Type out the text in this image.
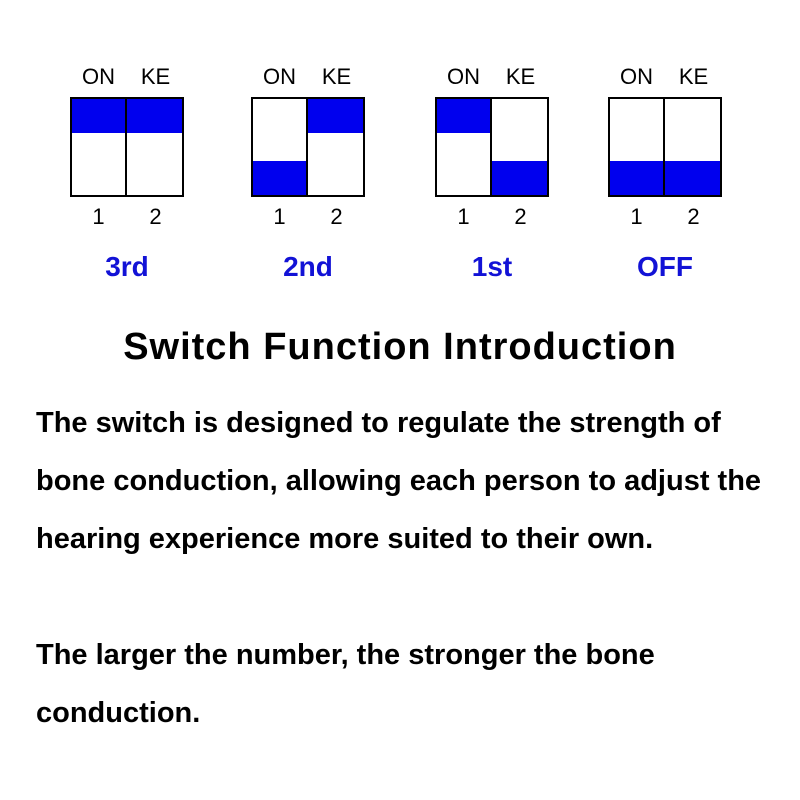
ON	KE
1	2
3rd
ON	KE
1	2
2nd
ON	KE
1	2
1st
ON	KE
1	2
OFF
Switch Function Introduction

The switch is designed to regulate the strength of bone conduction, allowing each person to adjust the hearing experience more suited to their own.

The larger the number, the stronger the bone conduction.
